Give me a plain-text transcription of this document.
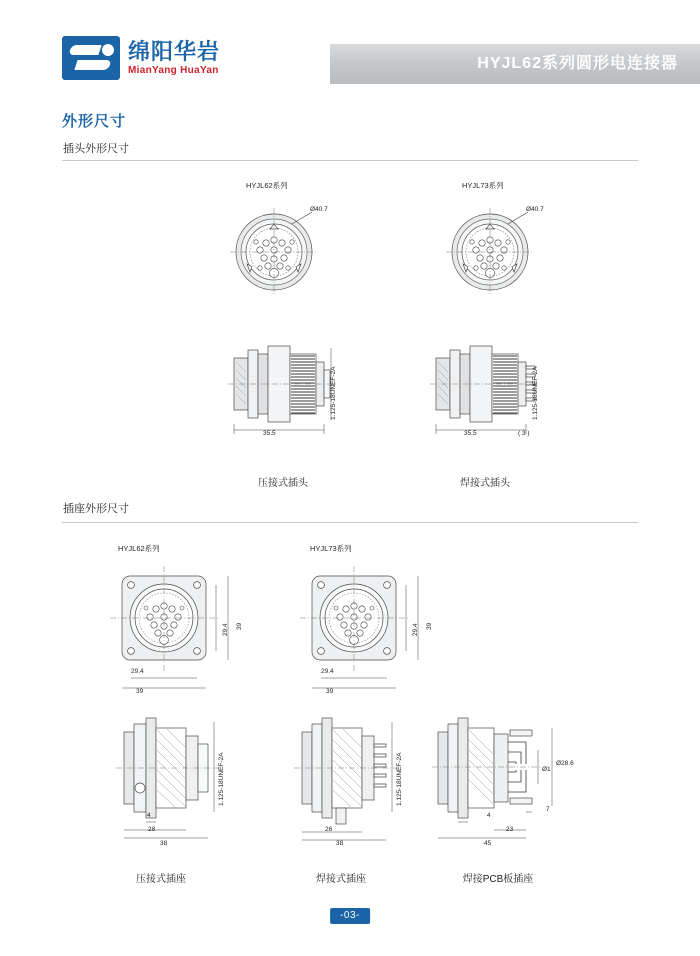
HYJL62系列圆形电连接器
绵阳华岩
MianYang HuaYan
外形尺寸
插头外形尺寸
HYJL62系列	HYJL73系列
Ø40.7	Ø40.7
35.5
1.125-18UNEF-2A
压接式插头
35.5	( 3 )
1.125-18UNEF-2A
焊接式插头
插座外形尺寸
HYJL62系列	HYJL73系列
29.4 39
29.4
39
29.4 39
29.4
39
4
28
38
1.125-18UNEF-2A
压接式插座
26
38
1.125-18UNEF-2A
焊接式插座
Ø1
Ø28.6
7
4
23
45
焊接PCB板插座
-03-
